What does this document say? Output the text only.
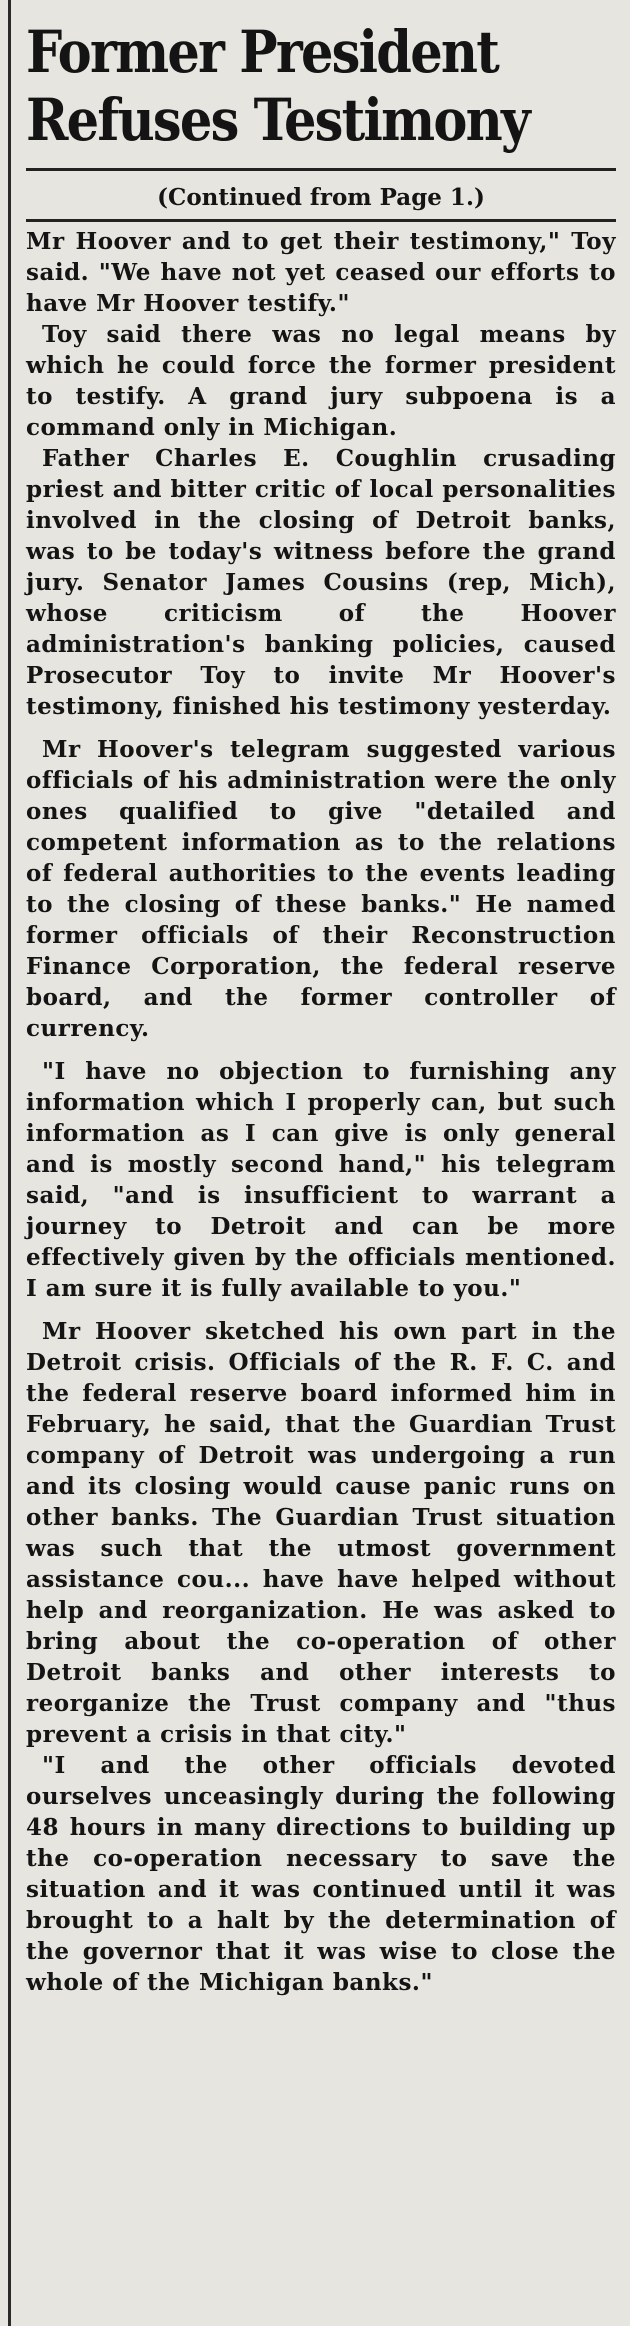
Former President
Refuses Testimony
(Continued from Page 1.)

Mr Hoover and to get their testimony," Toy said. "We have not yet ceased our efforts to have Mr Hoover testify."

Toy said there was no legal means by which he could force the former president to testify. A grand jury subpoena is a command only in Michigan.

Father Charles E. Coughlin crusading priest and bitter critic of local personalities involved in the closing of Detroit banks, was to be today's witness before the grand jury. Senator James Cousins (rep, Mich), whose criticism of the Hoover administration's banking policies, caused Prosecutor Toy to invite Mr Hoover's testimony, finished his testimony yesterday.

Mr Hoover's telegram suggested various officials of his administration were the only ones qualified to give "detailed and competent information as to the relations of federal authorities to the events leading to the closing of these banks." He named former officials of their Reconstruction Finance Corporation, the federal reserve board, and the former controller of currency.

"I have no objection to furnishing any information which I properly can, but such information as I can give is only general and is mostly second hand," his telegram said, "and is insufficient to warrant a journey to Detroit and can be more effectively given by the officials mentioned. I am sure it is fully available to you."

Mr Hoover sketched his own part in the Detroit crisis. Officials of the R. F. C. and the federal reserve board informed him in February, he said, that the Guardian Trust company of Detroit was undergoing a run and its closing would cause panic runs on other banks. The Guardian Trust situation was such that the utmost government assistance cou... have have helped without help and reorganization. He was asked to bring about the co-operation of other Detroit banks and other interests to reorganize the Trust company and "thus prevent a crisis in that city."

"I and the other officials devoted ourselves unceasingly during the following 48 hours in many directions to building up the co-operation necessary to save the situation and it was continued until it was brought to a halt by the determination of the governor that it was wise to close the whole of the Michigan banks."
